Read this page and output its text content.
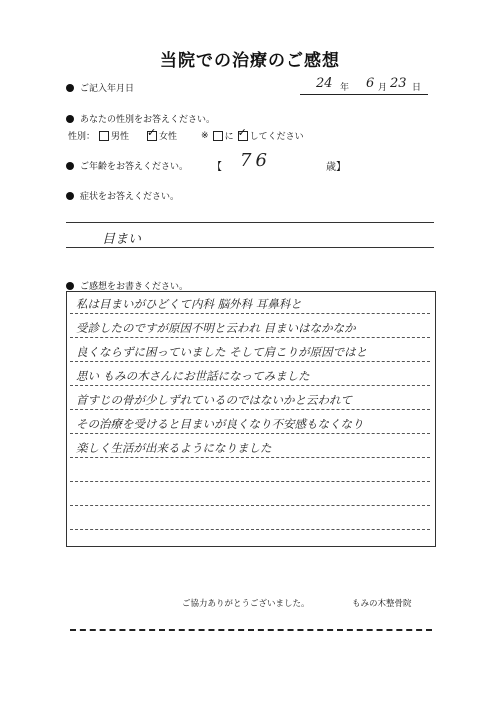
当院での治療のご感想
ご記入年月日	24 年 6 月 23 日
あなたの性別をお答えください。
性別： 男性 ✓	女性	※ に ✓ してください
ご年齢をお答えください。 【 76	歳】
症状をお答えください。
目まい
ご感想をお書きください。
私は目まいがひどくて内科 脳外科 耳鼻科と
受診したのですが原因不明と云われ 目まいはなかなか
良くならずに困っていました そして肩こりが原因ではと
思い もみの木さんにお世話になってみました
首すじの骨が少しずれているのではないかと云われて
その治療を受けると目まいが良くなり不安感もなくなり
楽しく生活が出来るようになりました
ご協力ありがとうございました。	もみの木整骨院
